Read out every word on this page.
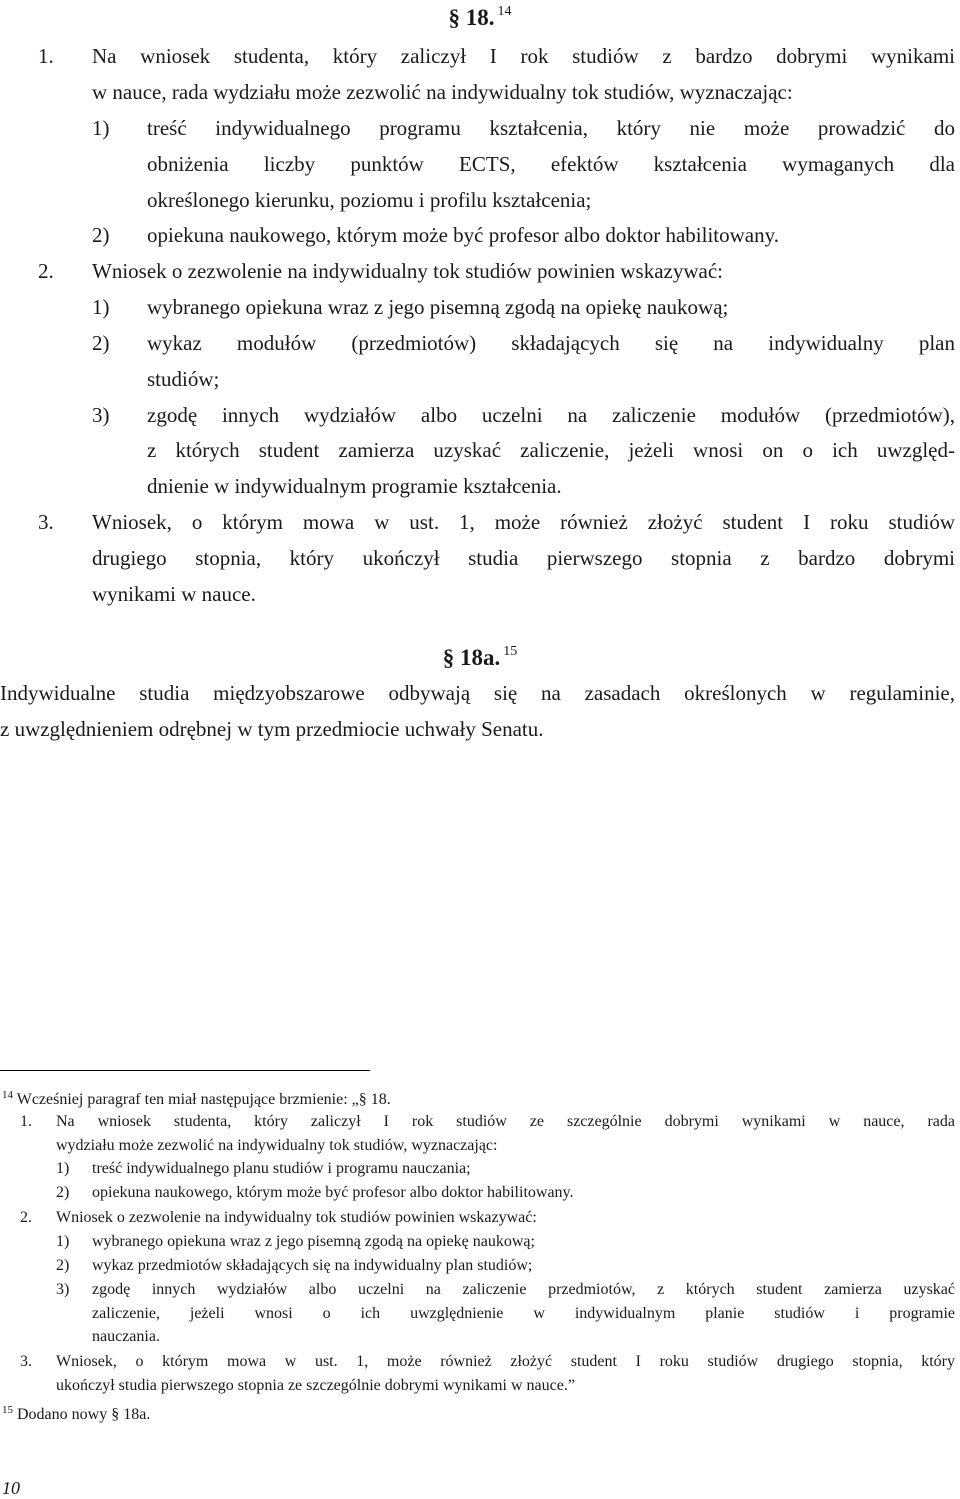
§ 18. $^{14}$
1. Na wniosek studenta, który zaliczył I rok studiów z bardzo dobrymi wynikami
w nauce, rada wydziału może zezwolić na indywidualny tok studiów, wyznaczając:
1) treść indywidualnego programu kształcenia, który nie może prowadzić do
obniżenia liczby punktów ECTS, efektów kształcenia wymaganych dla
określonego kierunku, poziomu i profilu kształcenia;
2) opiekuna naukowego, którym może być profesor albo doktor habilitowany.
2. Wniosek o zezwolenie na indywidualny tok studiów powinien wskazywać:
1) wybranego opiekuna wraz z jego pisemną zgodą na opiekę naukową;
2) wykaz modułów (przedmiotów) składających się na indywidualny plan
studiów;
3) zgodę innych wydziałów albo uczelni na zaliczenie modułów (przedmiotów),
z których student zamierza uzyskać zaliczenie, jeżeli wnosi on o ich uwzględ-
dnienie w indywidualnym programie kształcenia.
3. Wniosek, o którym mowa w ust. 1, może również złożyć student I roku studiów
drugiego stopnia, który ukończył studia pierwszego stopnia z bardzo dobrymi
wynikami w nauce.
§ 18a. $^{15}$
Indywidualne studia międzyobszarowe odbywają się na zasadach określonych w regulaminie,
z uwzględnieniem odrębnej w tym przedmiocie uchwały Senatu.
$^{14}$ Wcześniej paragraf ten miał następujące brzmienie: „§ 18.
1. Na wniosek studenta, który zaliczył I rok studiów ze szczególnie dobrymi wynikami w nauce, rada
wydziału może zezwolić na indywidualny tok studiów, wyznaczając:
1) treść indywidualnego planu studiów i programu nauczania;
2) opiekuna naukowego, którym może być profesor albo doktor habilitowany.
2. Wniosek o zezwolenie na indywidualny tok studiów powinien wskazywać:
1) wybranego opiekuna wraz z jego pisemną zgodą na opiekę naukową;
2) wykaz przedmiotów składających się na indywidualny plan studiów;
3) zgodę innych wydziałów albo uczelni na zaliczenie przedmiotów, z których student zamierza uzyskać
zaliczenie, jeżeli wnosi o ich uwzględnienie w indywidualnym planie studiów i programie
nauczania.
3. Wniosek, o którym mowa w ust. 1, może również złożyć student I roku studiów drugiego stopnia, który
ukończył studia pierwszego stopnia ze szczególnie dobrymi wynikami w nauce.”
$^{15}$ Dodano nowy § 18a.
10
